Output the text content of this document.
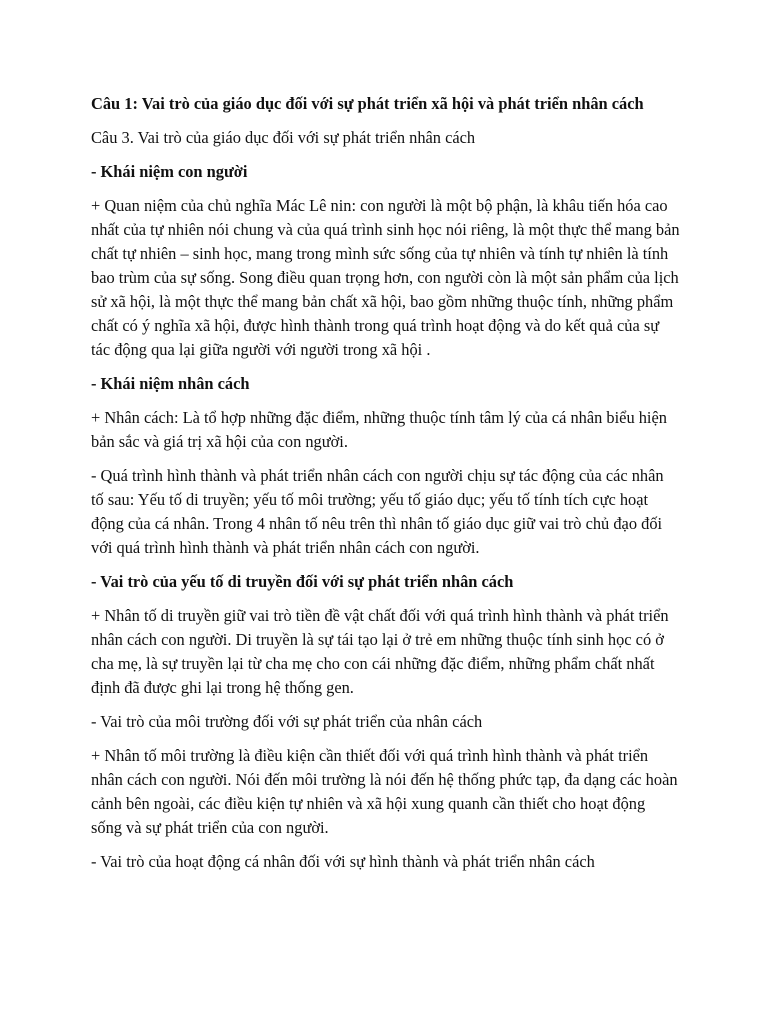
Câu 1: Vai trò của giáo dục đối với sự phát triển xã hội và phát triển nhân cách

Câu 3. Vai trò của giáo dục đối với sự phát triển nhân cách

- Khái niệm con người

+ Quan niệm của chủ nghĩa Mác Lê nin: con người là một bộ phận, là khâu tiến hóa cao nhất của tự nhiên nói chung và của quá trình sinh học nói riêng, là một thực thể mang bản chất tự nhiên – sinh học, mang trong mình sức sống của tự nhiên và tính tự nhiên là tính bao trùm của sự sống. Song điều quan trọng hơn, con người còn là một sản phẩm của lịch sử xã hội, là một thực thể mang bản chất xã hội, bao gồm những thuộc tính, những phẩm chất có ý nghĩa xã hội, được hình thành trong quá trình hoạt động và do kết quả của sự tác động qua lại giữa người với người trong xã hội .

- Khái niệm nhân cách

+ Nhân cách: Là tổ hợp những đặc điểm, những thuộc tính tâm lý của cá nhân biểu hiện bản sắc và giá trị xã hội của con người.

- Quá trình hình thành và phát triển nhân cách con người chịu sự tác động của các nhân tố sau: Yếu tố di truyền; yếu tố môi trường; yếu tố giáo dục; yếu tố tính tích cực hoạt động của cá nhân. Trong 4 nhân tố nêu trên thì nhân tố giáo dục giữ vai trò chủ đạo đối với quá trình hình thành và phát triển nhân cách con người.

- Vai trò của yếu tố di truyền đối với sự phát triển nhân cách

+ Nhân tố di truyền giữ vai trò tiền đề vật chất đối với quá trình hình thành và phát triển nhân cách con người. Di truyền là sự tái tạo lại ở trẻ em những thuộc tính sinh học có ở cha mẹ, là sự truyền lại từ cha mẹ cho con cái những đặc điểm, những phẩm chất nhất định đã được ghi lại trong hệ thống gen.

- Vai trò của môi trường đối với sự phát triển của nhân cách

+ Nhân tố môi trường là điều kiện cần thiết đối với quá trình hình thành và phát triển nhân cách con người. Nói đến môi trường là nói đến hệ thống phức tạp, đa dạng các hoàn cảnh bên ngoài, các điều kiện tự nhiên và xã hội xung quanh cần thiết cho hoạt động sống và sự phát triển của con người.

- Vai trò của hoạt động cá nhân đối với sự hình thành và phát triển nhân cách
